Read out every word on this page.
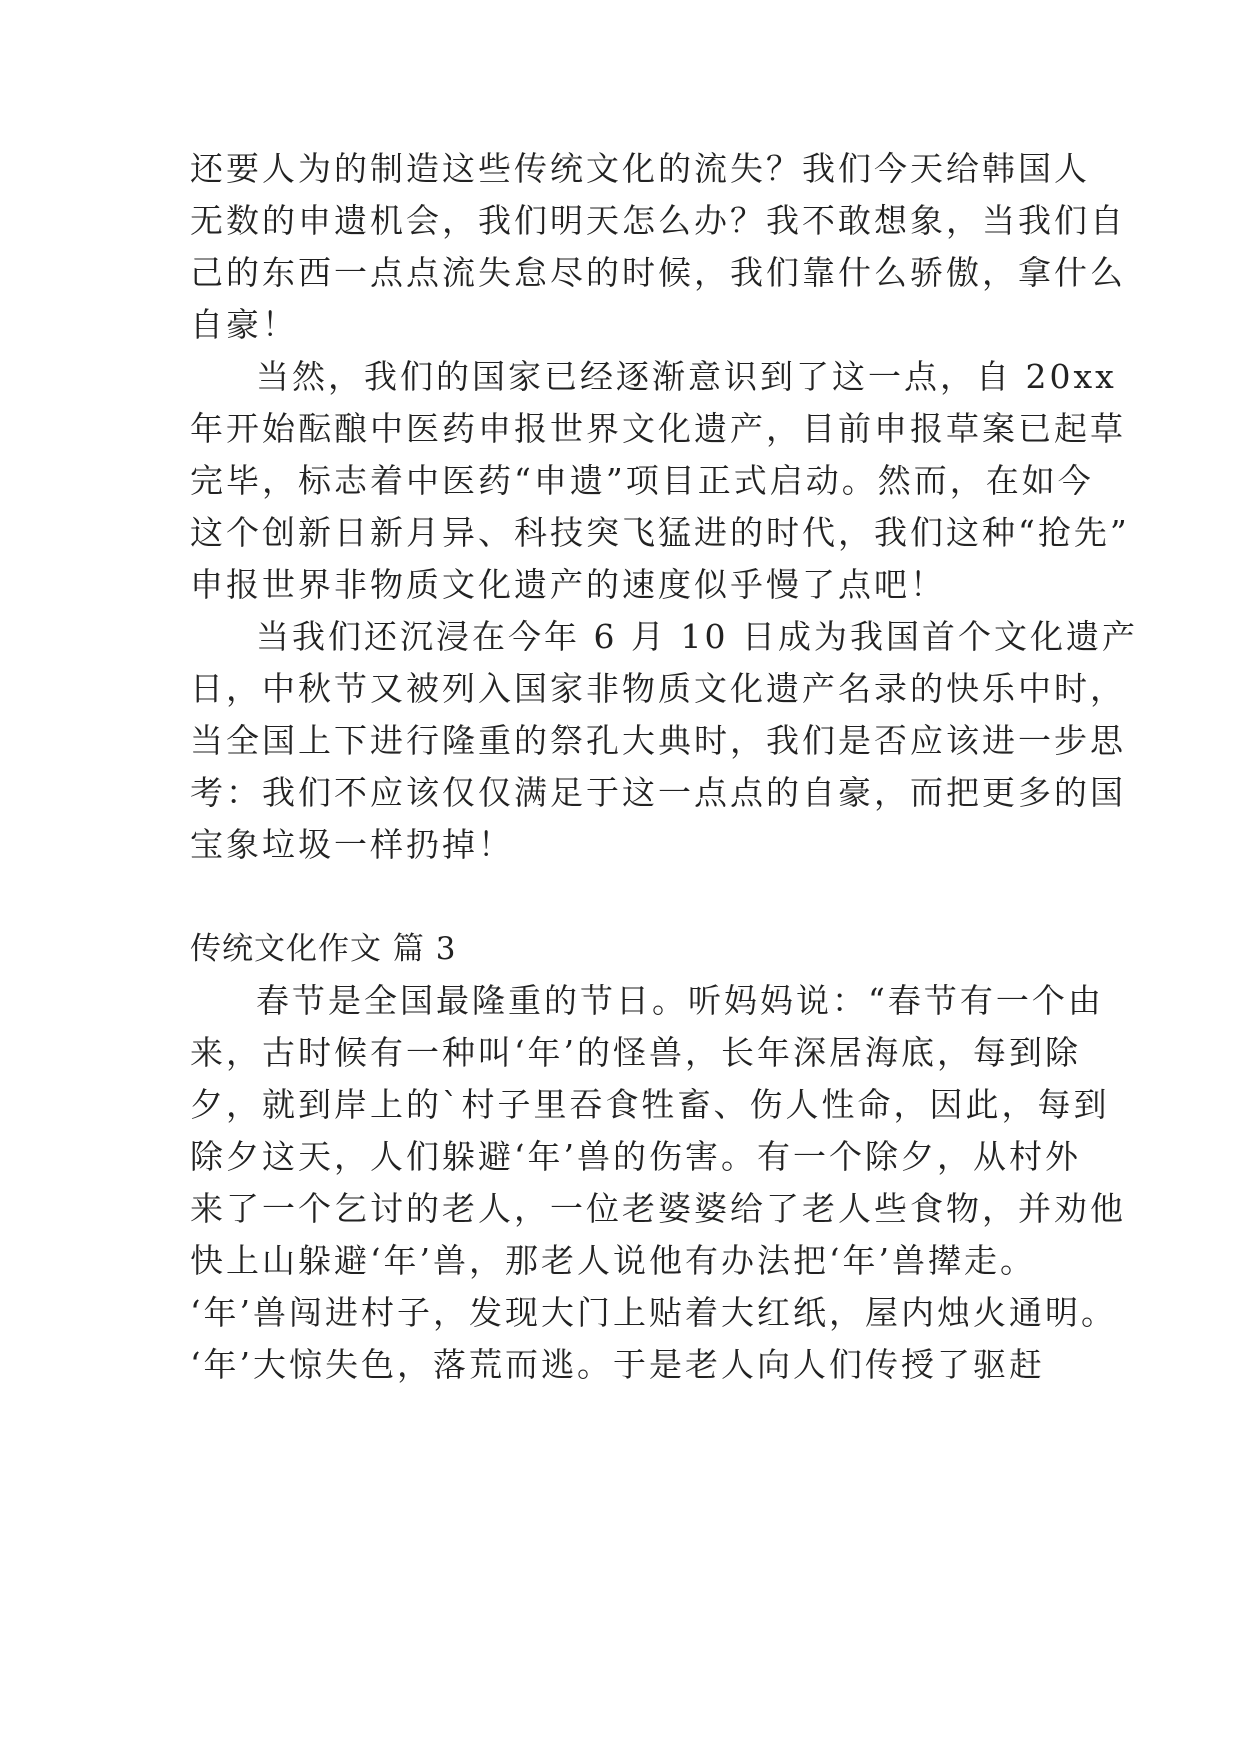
还要人为的制造这些传统文化的流失？我们今天给韩国人
无数的申遗机会，我们明天怎么办？我不敢想象，当我们自
己的东西一点点流失怠尽的时候，我们靠什么骄傲，拿什么
自豪！
当然，我们的国家已经逐渐意识到了这一点，自 20xx
年开始酝酿中医药申报世界文化遗产，目前申报草案已起草
完毕，标志着中医药“申遗”项目正式启动。然而，在如今
这个创新日新月异、科技突飞猛进的时代，我们这种“抢先”
申报世界非物质文化遗产的速度似乎慢了点吧！
当我们还沉浸在今年 6 月 10 日成为我国首个文化遗产
日，中秋节又被列入国家非物质文化遗产名录的快乐中时，
当全国上下进行隆重的祭孔大典时，我们是否应该进一步思
考：我们不应该仅仅满足于这一点点的自豪，而把更多的国
宝象垃圾一样扔掉！
传统文化作文 篇 3
春节是全国最隆重的节日。听妈妈说：“春节有一个由
来，古时候有一种叫‘年’的怪兽，长年深居海底，每到除
夕，就到岸上的`村子里吞食牲畜、伤人性命，因此，每到
除夕这天，人们躲避‘年’兽的伤害。有一个除夕，从村外
来了一个乞讨的老人，一位老婆婆给了老人些食物，并劝他
快上山躲避‘年’兽，那老人说他有办法把‘年’兽撵走。
‘年’兽闯进村子，发现大门上贴着大红纸，屋内烛火通明。
‘年’大惊失色，落荒而逃。于是老人向人们传授了驱赶
